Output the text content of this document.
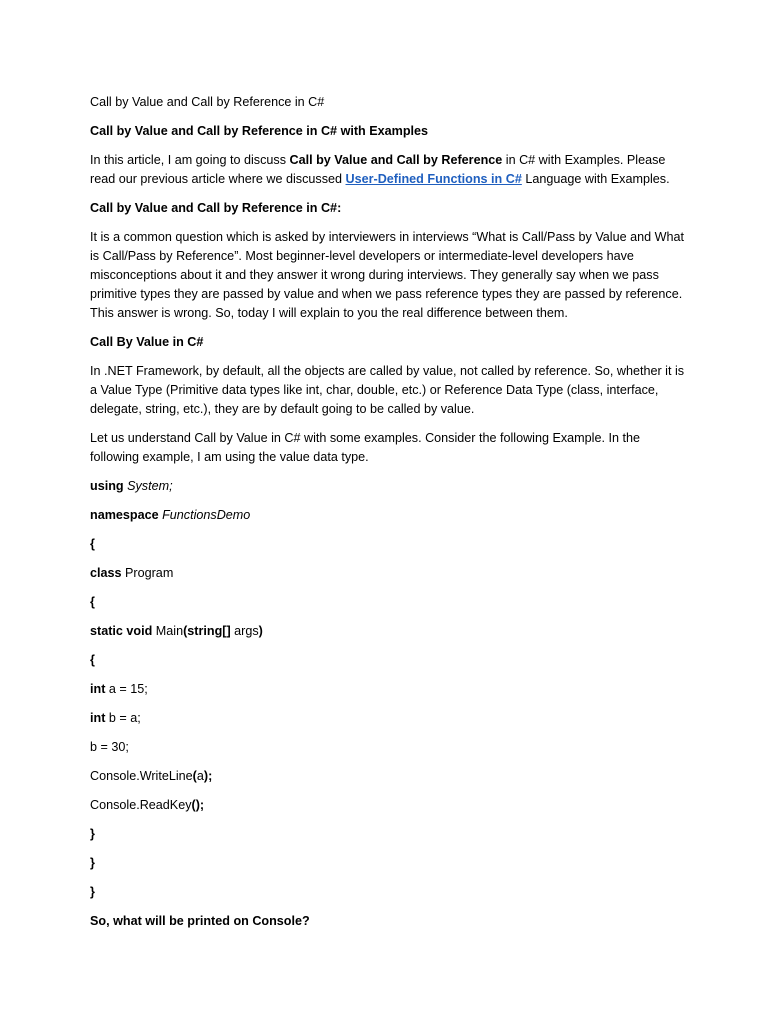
Call by Value and Call by Reference in C#

Call by Value and Call by Reference in C# with Examples

In this article, I am going to discuss Call by Value and Call by Reference in C# with Examples. Please read our previous article where we discussed User-Defined Functions in C# Language with Examples.

Call by Value and Call by Reference in C#:

It is a common question which is asked by interviewers in interviews “What is Call/Pass by Value and What is Call/Pass by Reference”. Most beginner-level developers or intermediate-level developers have misconceptions about it and they answer it wrong during interviews. They generally say when we pass primitive types they are passed by value and when we pass reference types they are passed by reference. This answer is wrong. So, today I will explain to you the real difference between them.

Call By Value in C#

In .NET Framework, by default, all the objects are called by value, not called by reference. So, whether it is a Value Type (Primitive data types like int, char, double, etc.) or Reference Data Type (class, interface, delegate, string, etc.), they are by default going to be called by value.

Let us understand Call by Value in C# with some examples. Consider the following Example. In the following example, I am using the value data type.

using System;

namespace FunctionsDemo

{

class Program

{

static void Main(string[] args)

{

int a = 15;

int b = a;

b = 30;

Console.WriteLine(a);

Console.ReadKey();

}

}

}

So, what will be printed on Console?
